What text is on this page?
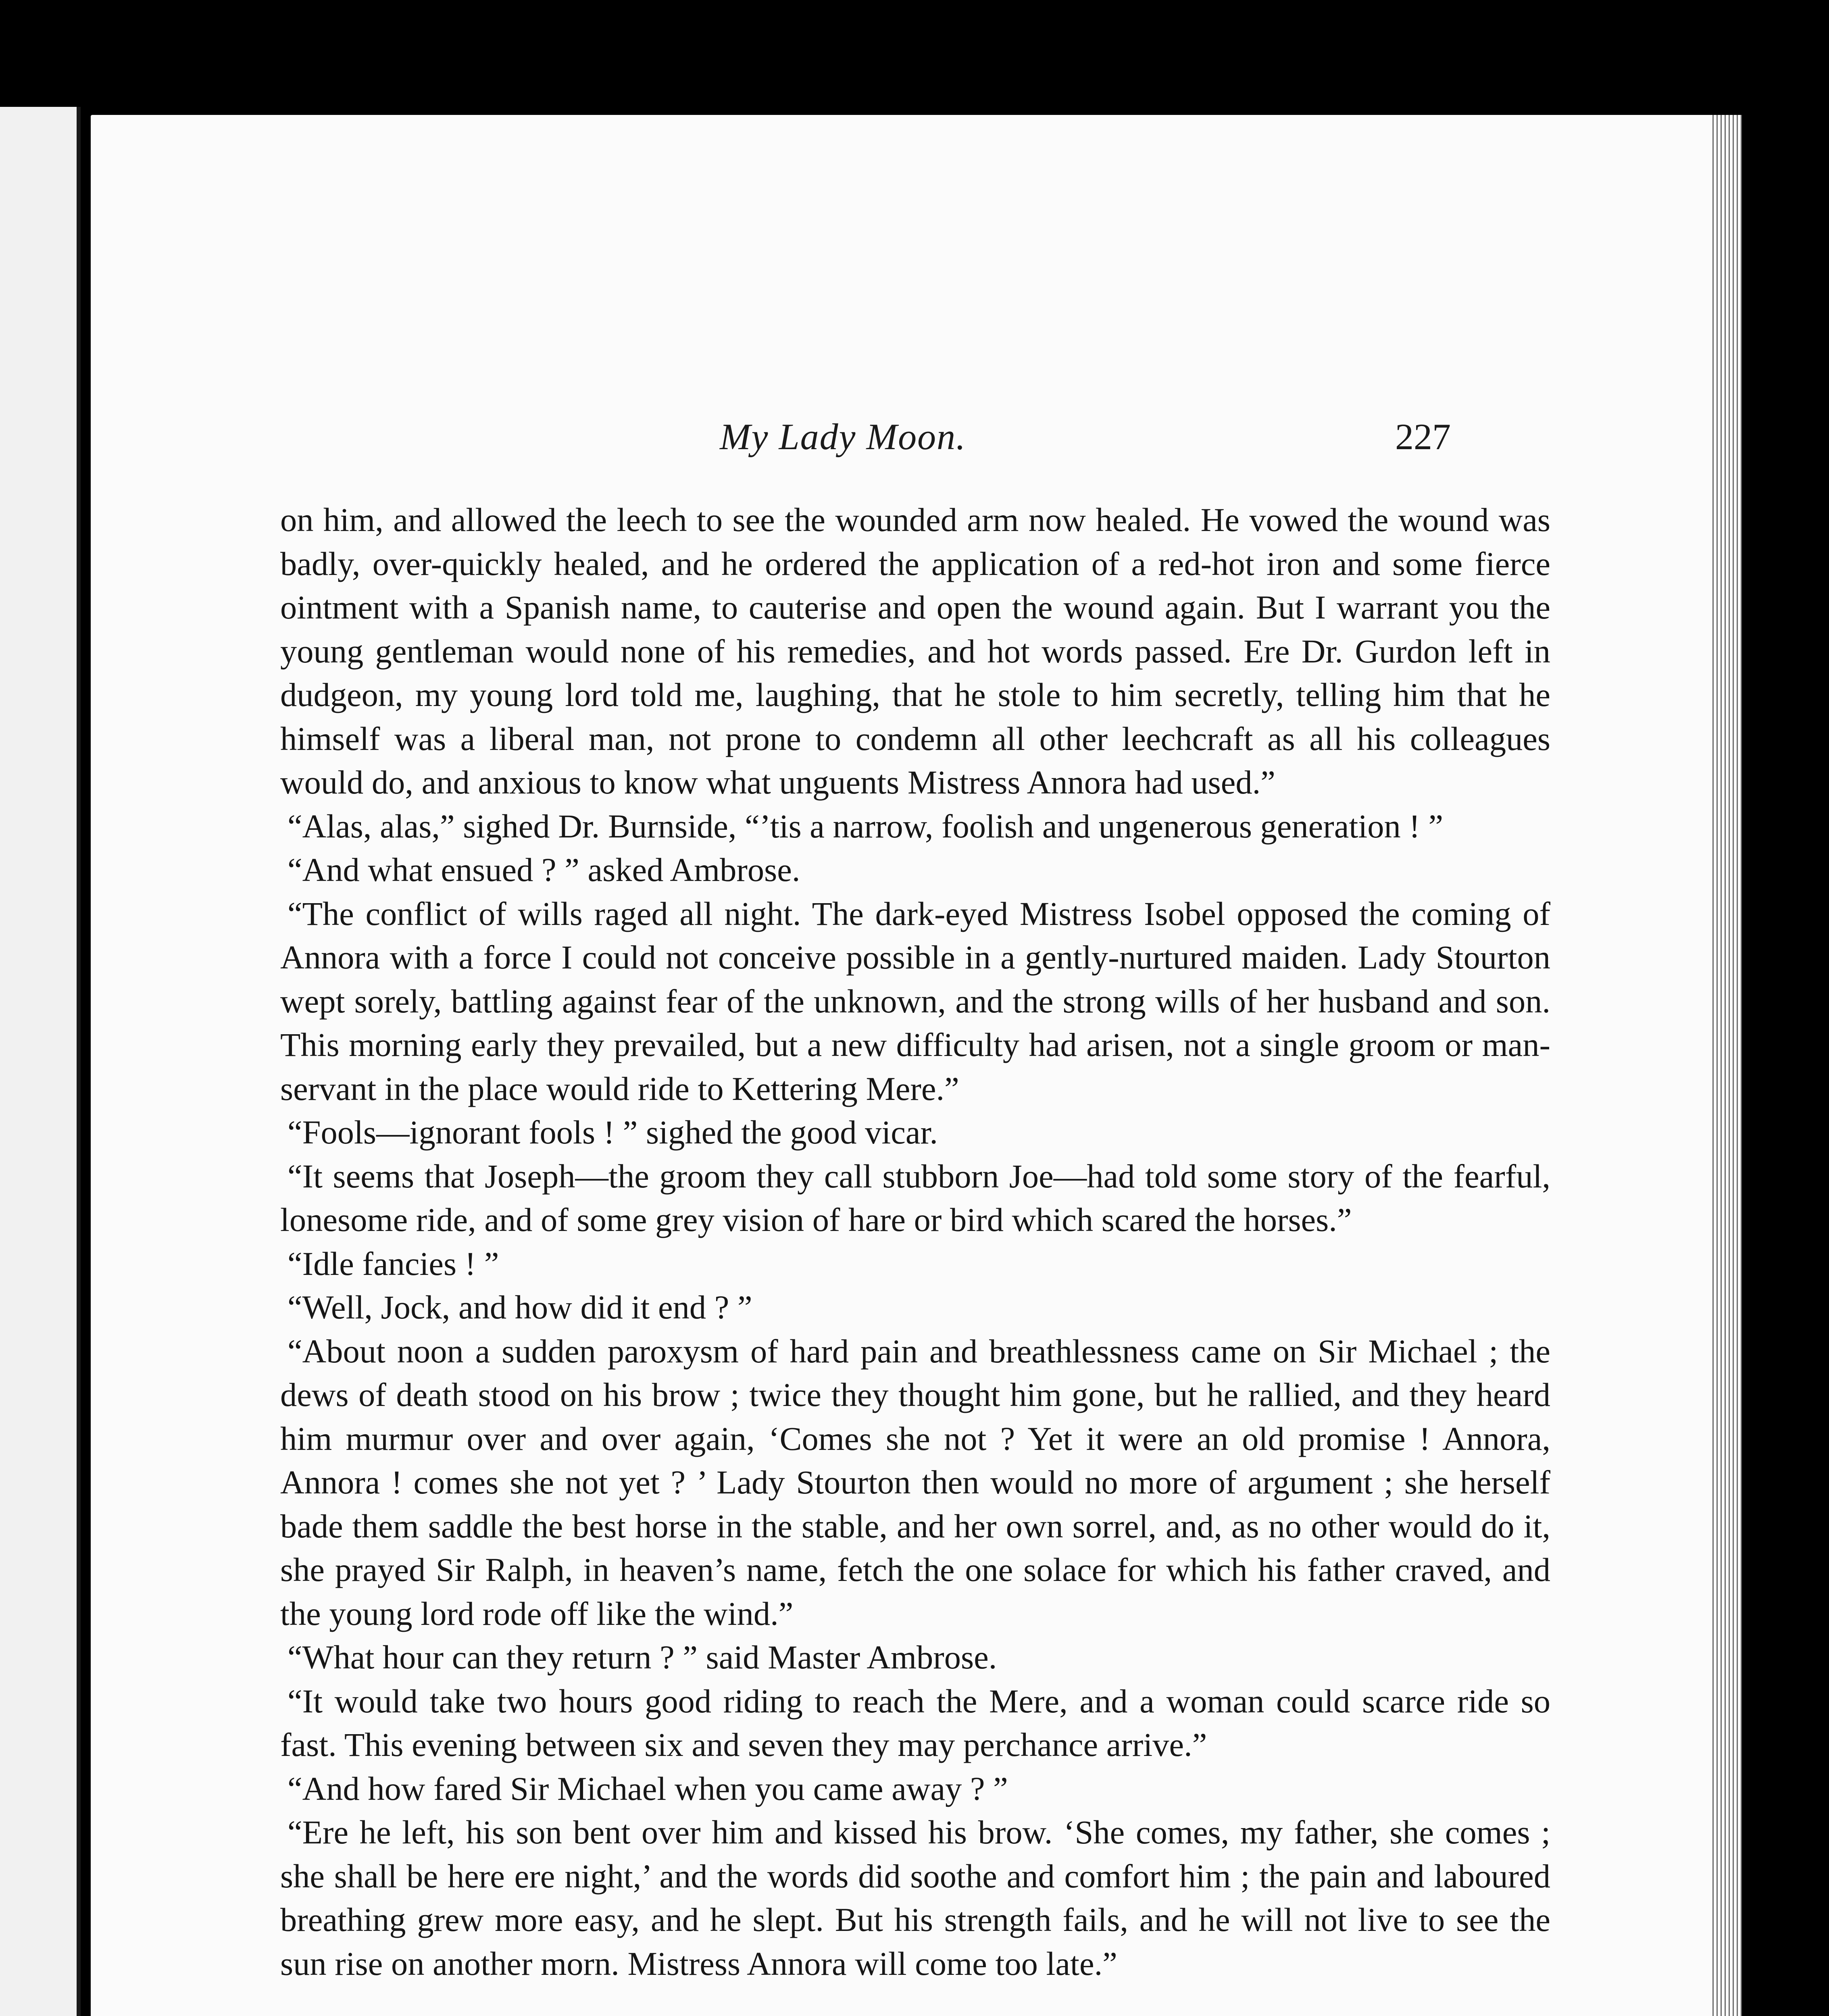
My Lady Moon.	227

on him, and allowed the leech to see the wounded arm now healed. He vowed the wound was badly, over-quickly healed, and he ordered the application of a red-hot iron and some fierce ointment with a Spanish name, to cauterise and open the wound again. But I warrant you the young gentleman would none of his remedies, and hot words passed. Ere Dr. Gurdon left in dudgeon, my young lord told me, laughing, that he stole to him secretly, telling him that he himself was a liberal man, not prone to condemn all other leechcraft as all his colleagues would do, and anxious to know what unguents Mistress Annora had used.”

“Alas, alas,” sighed Dr. Burnside, “’tis a narrow, foolish and ungenerous generation ! ”

“And what ensued ? ” asked Ambrose.

“The conflict of wills raged all night. The dark-eyed Mistress Isobel opposed the coming of Annora with a force I could not conceive possible in a gently-nurtured maiden. Lady Stourton wept sorely, battling against fear of the unknown, and the strong wills of her husband and son. This morning early they prevailed, but a new difficulty had arisen, not a single groom or man-servant in the place would ride to Kettering Mere.”

“Fools—ignorant fools ! ” sighed the good vicar.

“It seems that Joseph—the groom they call stubborn Joe—had told some story of the fearful, lonesome ride, and of some grey vision of hare or bird which scared the horses.”

“Idle fancies ! ”

“Well, Jock, and how did it end ? ”

“About noon a sudden paroxysm of hard pain and breathlessness came on Sir Michael ; the dews of death stood on his brow ; twice they thought him gone, but he rallied, and they heard him murmur over and over again, ‘Comes she not ? Yet it were an old promise ! Annora, Annora ! comes she not yet ? ’ Lady Stourton then would no more of argument ; she herself bade them saddle the best horse in the stable, and her own sorrel, and, as no other would do it, she prayed Sir Ralph, in heaven’s name, fetch the one solace for which his father craved, and the young lord rode off like the wind.”

“What hour can they return ? ” said Master Ambrose.

“It would take two hours good riding to reach the Mere, and a woman could scarce ride so fast. This evening between six and seven they may perchance arrive.”

“And how fared Sir Michael when you came away ? ”

“Ere he left, his son bent over him and kissed his brow. ‘She comes, my father, she comes ; she shall be here ere night,’ and the words did soothe and comfort him ; the pain and laboured breathing grew more easy, and he slept. But his strength fails, and he will not live to see the sun rise on another morn. Mistress Annora will come too late.”
